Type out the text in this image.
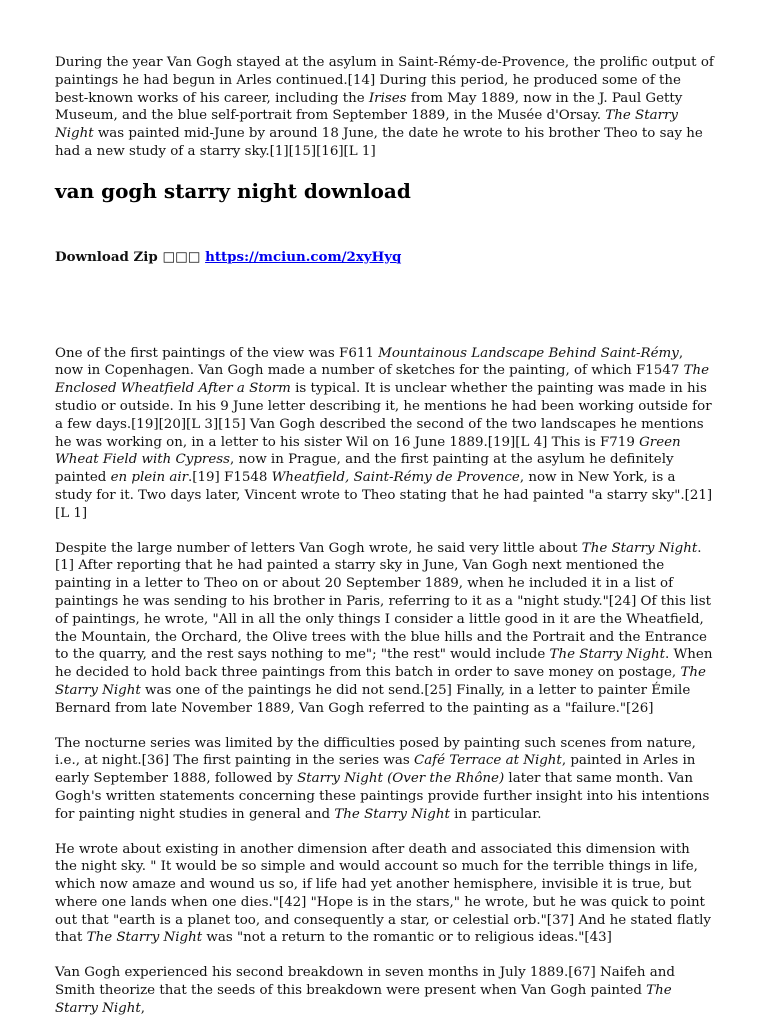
During the year Van Gogh stayed at the asylum in Saint-Rémy-de-Provence, the prolific output of paintings he had begun in Arles continued.[14] During this period, he produced some of the best-known works of his career, including the Irises from May 1889, now in the J. Paul Getty Museum, and the blue self-portrait from September 1889, in the Musée d'Orsay. The Starry Night was painted mid-June by around 18 June, the date he wrote to his brother Theo to say he had a new study of a starry sky.[1][15][16][L 1]

van gogh starry night download
Download Zip □□□ https://mciun.com/2xyHyq

One of the first paintings of the view was F611 Mountainous Landscape Behind Saint-Rémy, now in Copenhagen. Van Gogh made a number of sketches for the painting, of which F1547 The Enclosed Wheatfield After a Storm is typical. It is unclear whether the painting was made in his studio or outside. In his 9 June letter describing it, he mentions he had been working outside for a few days.[19][20][L 3][15] Van Gogh described the second of the two landscapes he mentions he was working on, in a letter to his sister Wil on 16 June 1889.[19][L 4] This is F719 Green Wheat Field with Cypress, now in Prague, and the first painting at the asylum he definitely painted en plein air.[19] F1548 Wheatfield, Saint-Rémy de Provence, now in New York, is a study for it. Two days later, Vincent wrote to Theo stating that he had painted "a starry sky".[21][L 1]

Despite the large number of letters Van Gogh wrote, he said very little about The Starry Night.[1] After reporting that he had painted a starry sky in June, Van Gogh next mentioned the painting in a letter to Theo on or about 20 September 1889, when he included it in a list of paintings he was sending to his brother in Paris, referring to it as a "night study."[24] Of this list of paintings, he wrote, "All in all the only things I consider a little good in it are the Wheatfield, the Mountain, the Orchard, the Olive trees with the blue hills and the Portrait and the Entrance to the quarry, and the rest says nothing to me"; "the rest" would include The Starry Night. When he decided to hold back three paintings from this batch in order to save money on postage, The Starry Night was one of the paintings he did not send.[25] Finally, in a letter to painter Émile Bernard from late November 1889, Van Gogh referred to the painting as a "failure."[26]

The nocturne series was limited by the difficulties posed by painting such scenes from nature, i.e., at night.[36] The first painting in the series was Café Terrace at Night, painted in Arles in early September 1888, followed by Starry Night (Over the Rhône) later that same month. Van Gogh's written statements concerning these paintings provide further insight into his intentions for painting night studies in general and The Starry Night in particular.

He wrote about existing in another dimension after death and associated this dimension with the night sky. " It would be so simple and would account so much for the terrible things in life, which now amaze and wound us so, if life had yet another hemisphere, invisible it is true, but where one lands when one dies."[42] "Hope is in the stars," he wrote, but he was quick to point out that "earth is a planet too, and consequently a star, or celestial orb."[37] And he stated flatly that The Starry Night was "not a return to the romantic or to religious ideas."[43]

Van Gogh experienced his second breakdown in seven months in July 1889.[67] Naifeh and Smith theorize that the seeds of this breakdown were present when Van Gogh painted The Starry Night,
